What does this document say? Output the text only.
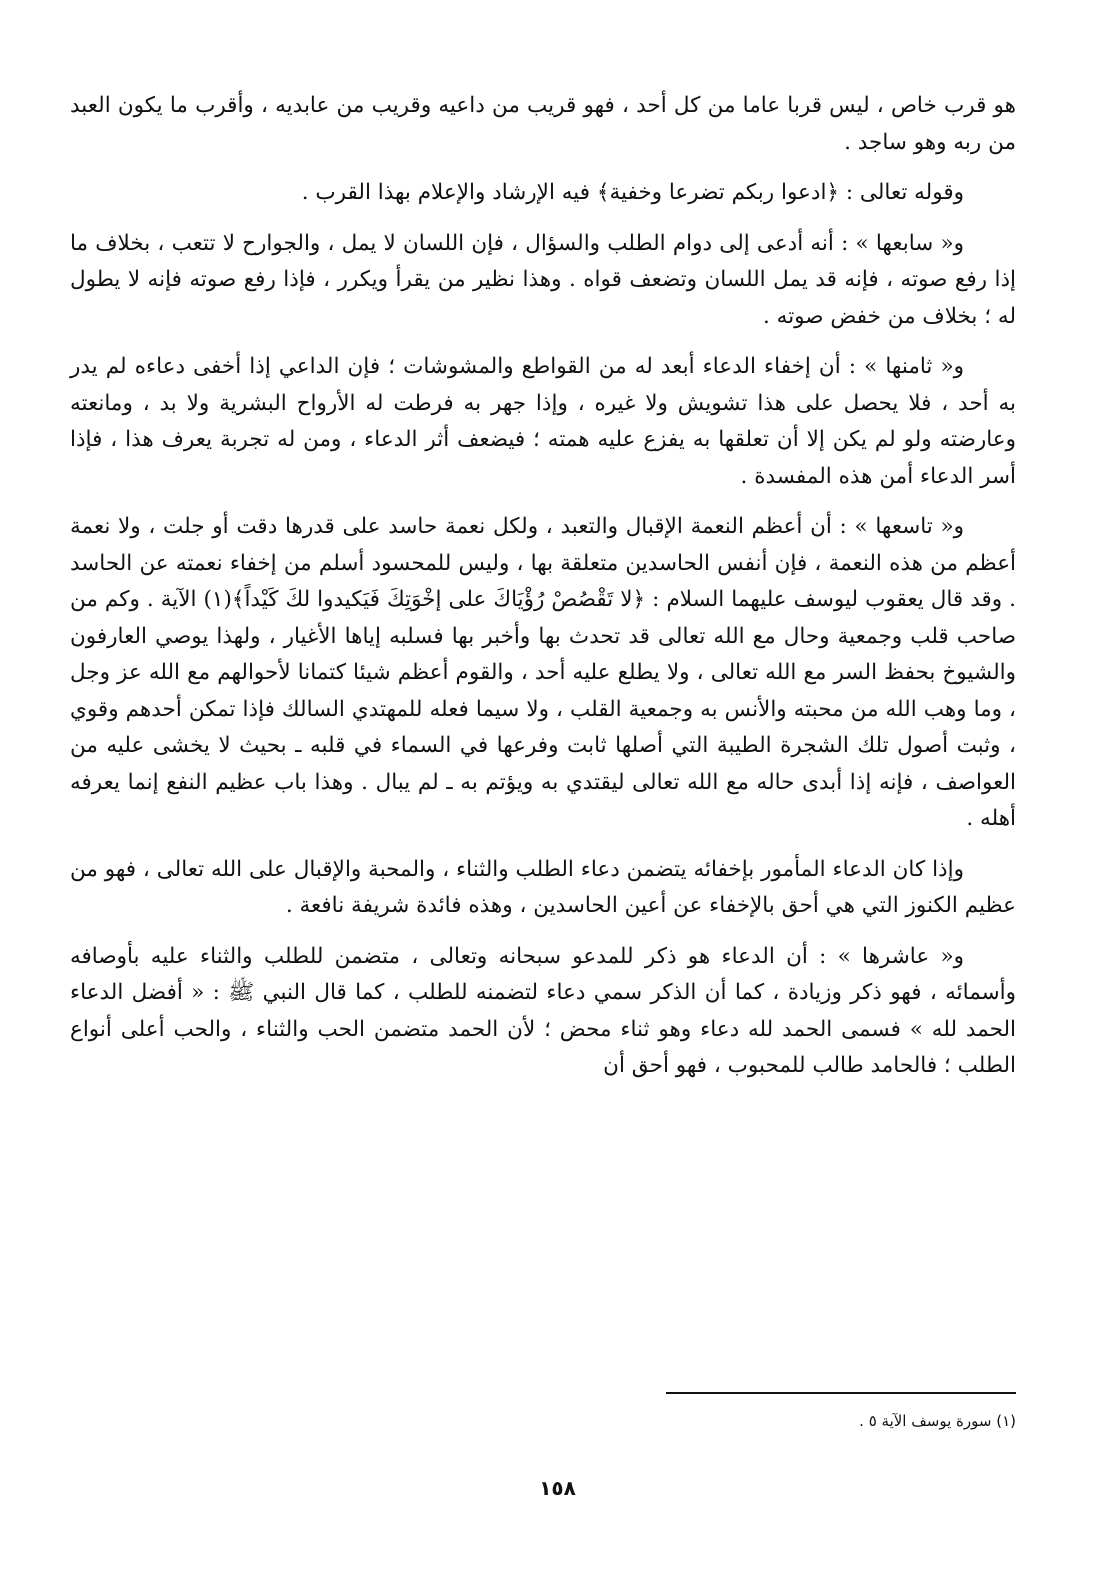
هو قرب خاص ، ليس قربا عاما من كل أحد ، فهو قريب من داعيه وقريب من عابديه ، وأقرب ما يكون العبد من ربه وهو ساجد .

وقوله تعالى : ﴿ادعوا ربكم تضرعا وخفية﴾ فيه الإرشاد والإعلام بهذا القرب .

و« سابعها » : أنه أدعى إلى دوام الطلب والسؤال ، فإن اللسان لا يمل ، والجوارح لا تتعب ، بخلاف ما إذا رفع صوته ، فإنه قد يمل اللسان وتضعف قواه . وهذا نظير من يقرأ ويكرر ، فإذا رفع صوته فإنه لا يطول له ؛ بخلاف من خفض صوته .

و« ثامنها » : أن إخفاء الدعاء أبعد له من القواطع والمشوشات ؛ فإن الداعي إذا أخفى دعاءه لم يدر به أحد ، فلا يحصل على هذا تشويش ولا غيره ، وإذا جهر به فرطت له الأرواح البشرية ولا بد ، ومانعته وعارضته ولو لم يكن إلا أن تعلقها به يفزع عليه همته ؛ فيضعف أثر الدعاء ، ومن له تجربة يعرف هذا ، فإذا أسر الدعاء أمن هذه المفسدة .

و« تاسعها » : أن أعظم النعمة الإقبال والتعبد ، ولكل نعمة حاسد على قدرها دقت أو جلت ، ولا نعمة أعظم من هذه النعمة ، فإن أنفس الحاسدين متعلقة بها ، وليس للمحسود أسلم من إخفاء نعمته عن الحاسد . وقد قال يعقوب ليوسف عليهما السلام : ﴿لا تَقْصُصْ رُؤْيَاكَ على إخْوَتِكَ فَيَكيدوا لكَ كَيْداً﴾(١) الآية . وكم من صاحب قلب وجمعية وحال مع الله تعالى قد تحدث بها وأخبر بها فسلبه إياها الأغيار ، ولهذا يوصي العارفون والشيوخ بحفظ السر مع الله تعالى ، ولا يطلع عليه أحد ، والقوم أعظم شيئا كتمانا لأحوالهم مع الله عز وجل ، وما وهب الله من محبته والأنس به وجمعية القلب ، ولا سيما فعله للمهتدي السالك فإذا تمكن أحدهم وقوي ، وثبت أصول تلك الشجرة الطيبة التي أصلها ثابت وفرعها في السماء في قلبه ـ بحيث لا يخشى عليه من العواصف ، فإنه إذا أبدى حاله مع الله تعالى ليقتدي به ويؤتم به ـ لم يبال . وهذا باب عظيم النفع إنما يعرفه أهله .

وإذا كان الدعاء المأمور بإخفائه يتضمن دعاء الطلب والثناء ، والمحبة والإقبال على الله تعالى ، فهو من عظيم الكنوز التي هي أحق بالإخفاء عن أعين الحاسدين ، وهذه فائدة شريفة نافعة .

و« عاشرها » : أن الدعاء هو ذكر للمدعو سبحانه وتعالى ، متضمن للطلب والثناء عليه بأوصافه وأسمائه ، فهو ذكر وزيادة ، كما أن الذكر سمي دعاء لتضمنه للطلب ، كما قال النبي ﷺ : « أفضل الدعاء الحمد لله » فسمى الحمد لله دعاء وهو ثناء محض ؛ لأن الحمد متضمن الحب والثناء ، والحب أعلى أنواع الطلب ؛ فالحامد طالب للمحبوب ، فهو أحق أن

(١) سورة يوسف الآية ٥ .
١٥٨
